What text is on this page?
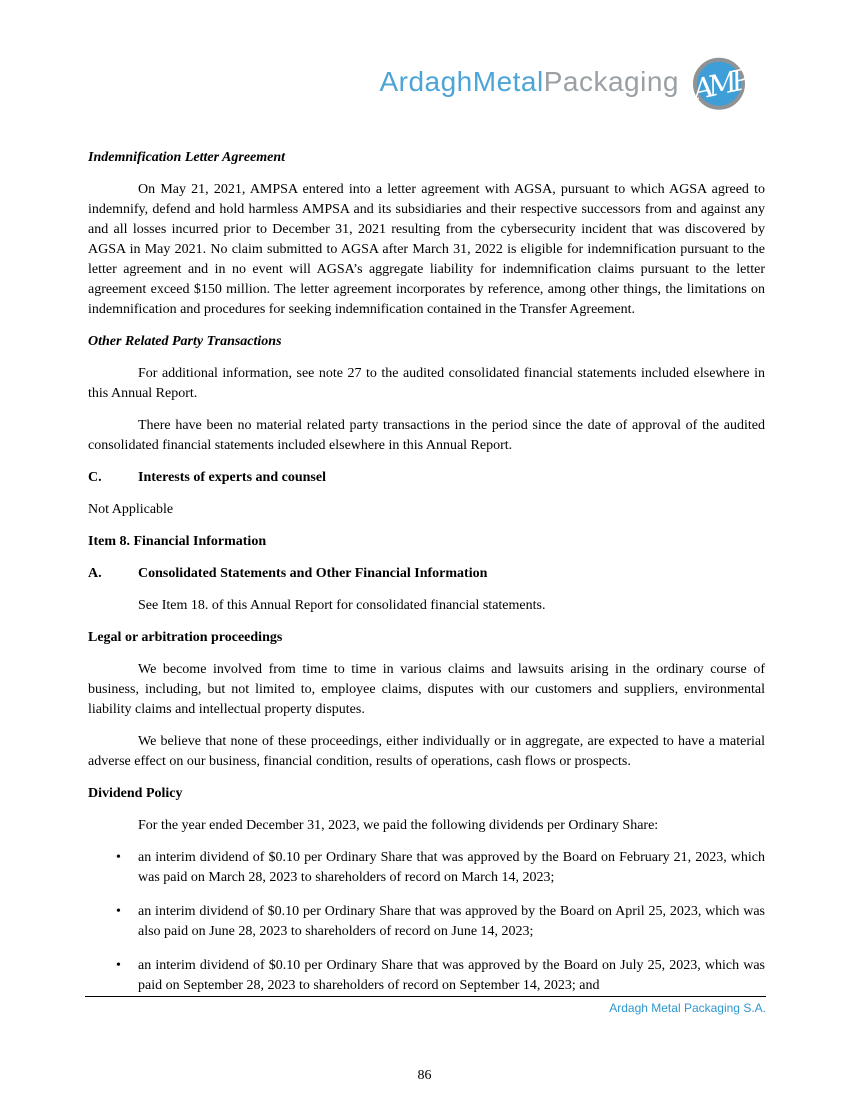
ArdaghMetalPackaging AMP
Indemnification Letter Agreement

On May 21, 2021, AMPSA entered into a letter agreement with AGSA, pursuant to which AGSA agreed to indemnify, defend and hold harmless AMPSA and its subsidiaries and their respective successors from and against any and all losses incurred prior to December 31, 2021 resulting from the cybersecurity incident that was discovered by AGSA in May 2021. No claim submitted to AGSA after March 31, 2022 is eligible for indemnification pursuant to the letter agreement and in no event will AGSA’s aggregate liability for indemnification claims pursuant to the letter agreement exceed $150 million. The letter agreement incorporates by reference, among other things, the limitations on indemnification and procedures for seeking indemnification contained in the Transfer Agreement.

Other Related Party Transactions

For additional information, see note 27 to the audited consolidated financial statements included elsewhere in this Annual Report.

There have been no material related party transactions in the period since the date of approval of the audited consolidated financial statements included elsewhere in this Annual Report.

C.	Interests of experts and counsel

Not Applicable

Item 8. Financial Information
A.	Consolidated Statements and Other Financial Information

See Item 18. of this Annual Report for consolidated financial statements.

Legal or arbitration proceedings

We become involved from time to time in various claims and lawsuits arising in the ordinary course of business, including, but not limited to, employee claims, disputes with our customers and suppliers, environmental liability claims and intellectual property disputes.

We believe that none of these proceedings, either individually or in aggregate, are expected to have a material adverse effect on our business, financial condition, results of operations, cash flows or prospects.

Dividend Policy

For the year ended December 31, 2023, we paid the following dividends per Ordinary Share:

• an interim dividend of $0.10 per Ordinary Share that was approved by the Board on February 21, 2023, which was paid on March 28, 2023 to shareholders of record on March 14, 2023;
• an interim dividend of $0.10 per Ordinary Share that was approved by the Board on April 25, 2023, which was also paid on June 28, 2023 to shareholders of record on June 14, 2023;
• an interim dividend of $0.10 per Ordinary Share that was approved by the Board on July 25, 2023, which was paid on September 28, 2023 to shareholders of record on September 14, 2023; and
Ardagh Metal Packaging S.A.
86
